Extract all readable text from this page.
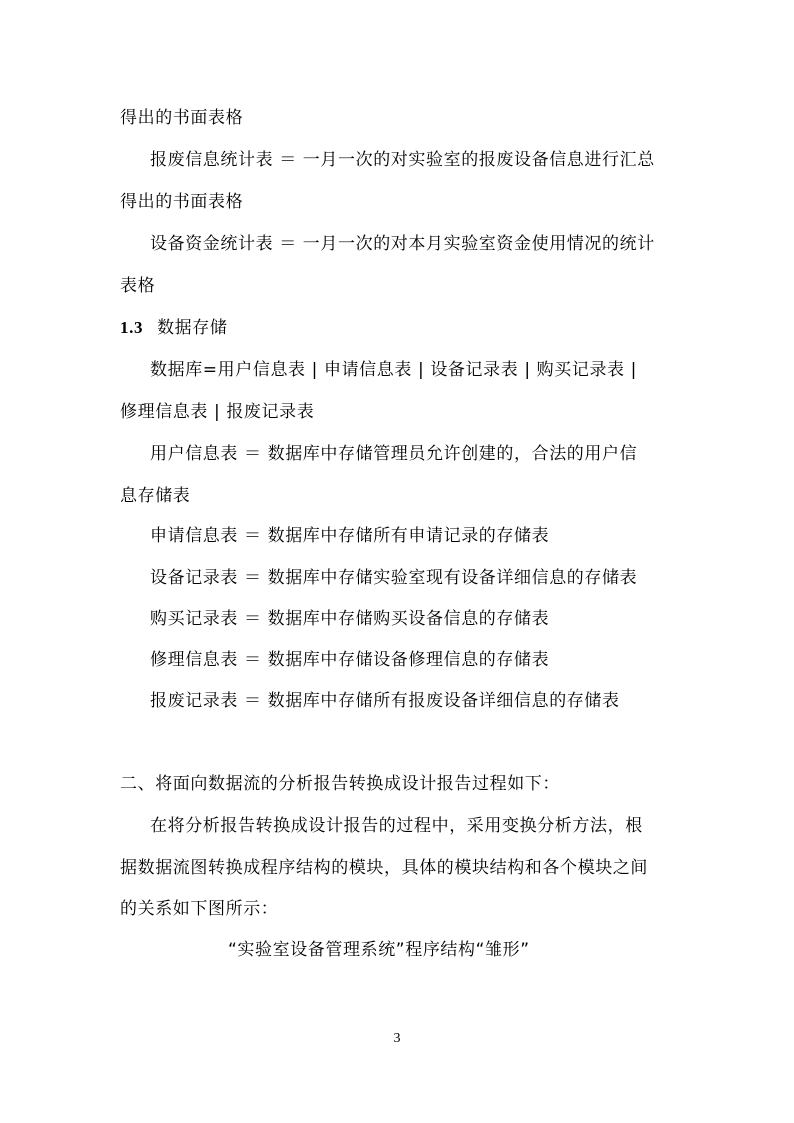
得出的书面表格
报废信息统计表 ＝ 一月一次的对实验室的报废设备信息进行汇总
得出的书面表格
设备资金统计表 ＝ 一月一次的对本月实验室资金使用情况的统计
表格
1.3 数据存储
数据库=用户信息表 | 申请信息表 | 设备记录表 | 购买记录表 |
修理信息表 | 报废记录表
用户信息表 ＝ 数据库中存储管理员允许创建的，合法的用户信
息存储表
申请信息表 ＝ 数据库中存储所有申请记录的存储表
设备记录表 ＝ 数据库中存储实验室现有设备详细信息的存储表
购买记录表 ＝ 数据库中存储购买设备信息的存储表
修理信息表 ＝ 数据库中存储设备修理信息的存储表
报废记录表 ＝ 数据库中存储所有报废设备详细信息的存储表
二、将面向数据流的分析报告转换成设计报告过程如下：
在将分析报告转换成设计报告的过程中，采用变换分析方法，根
据数据流图转换成程序结构的模块，具体的模块结构和各个模块之间
的关系如下图所示：
“实验室设备管理系统”程序结构“雏形”
3
